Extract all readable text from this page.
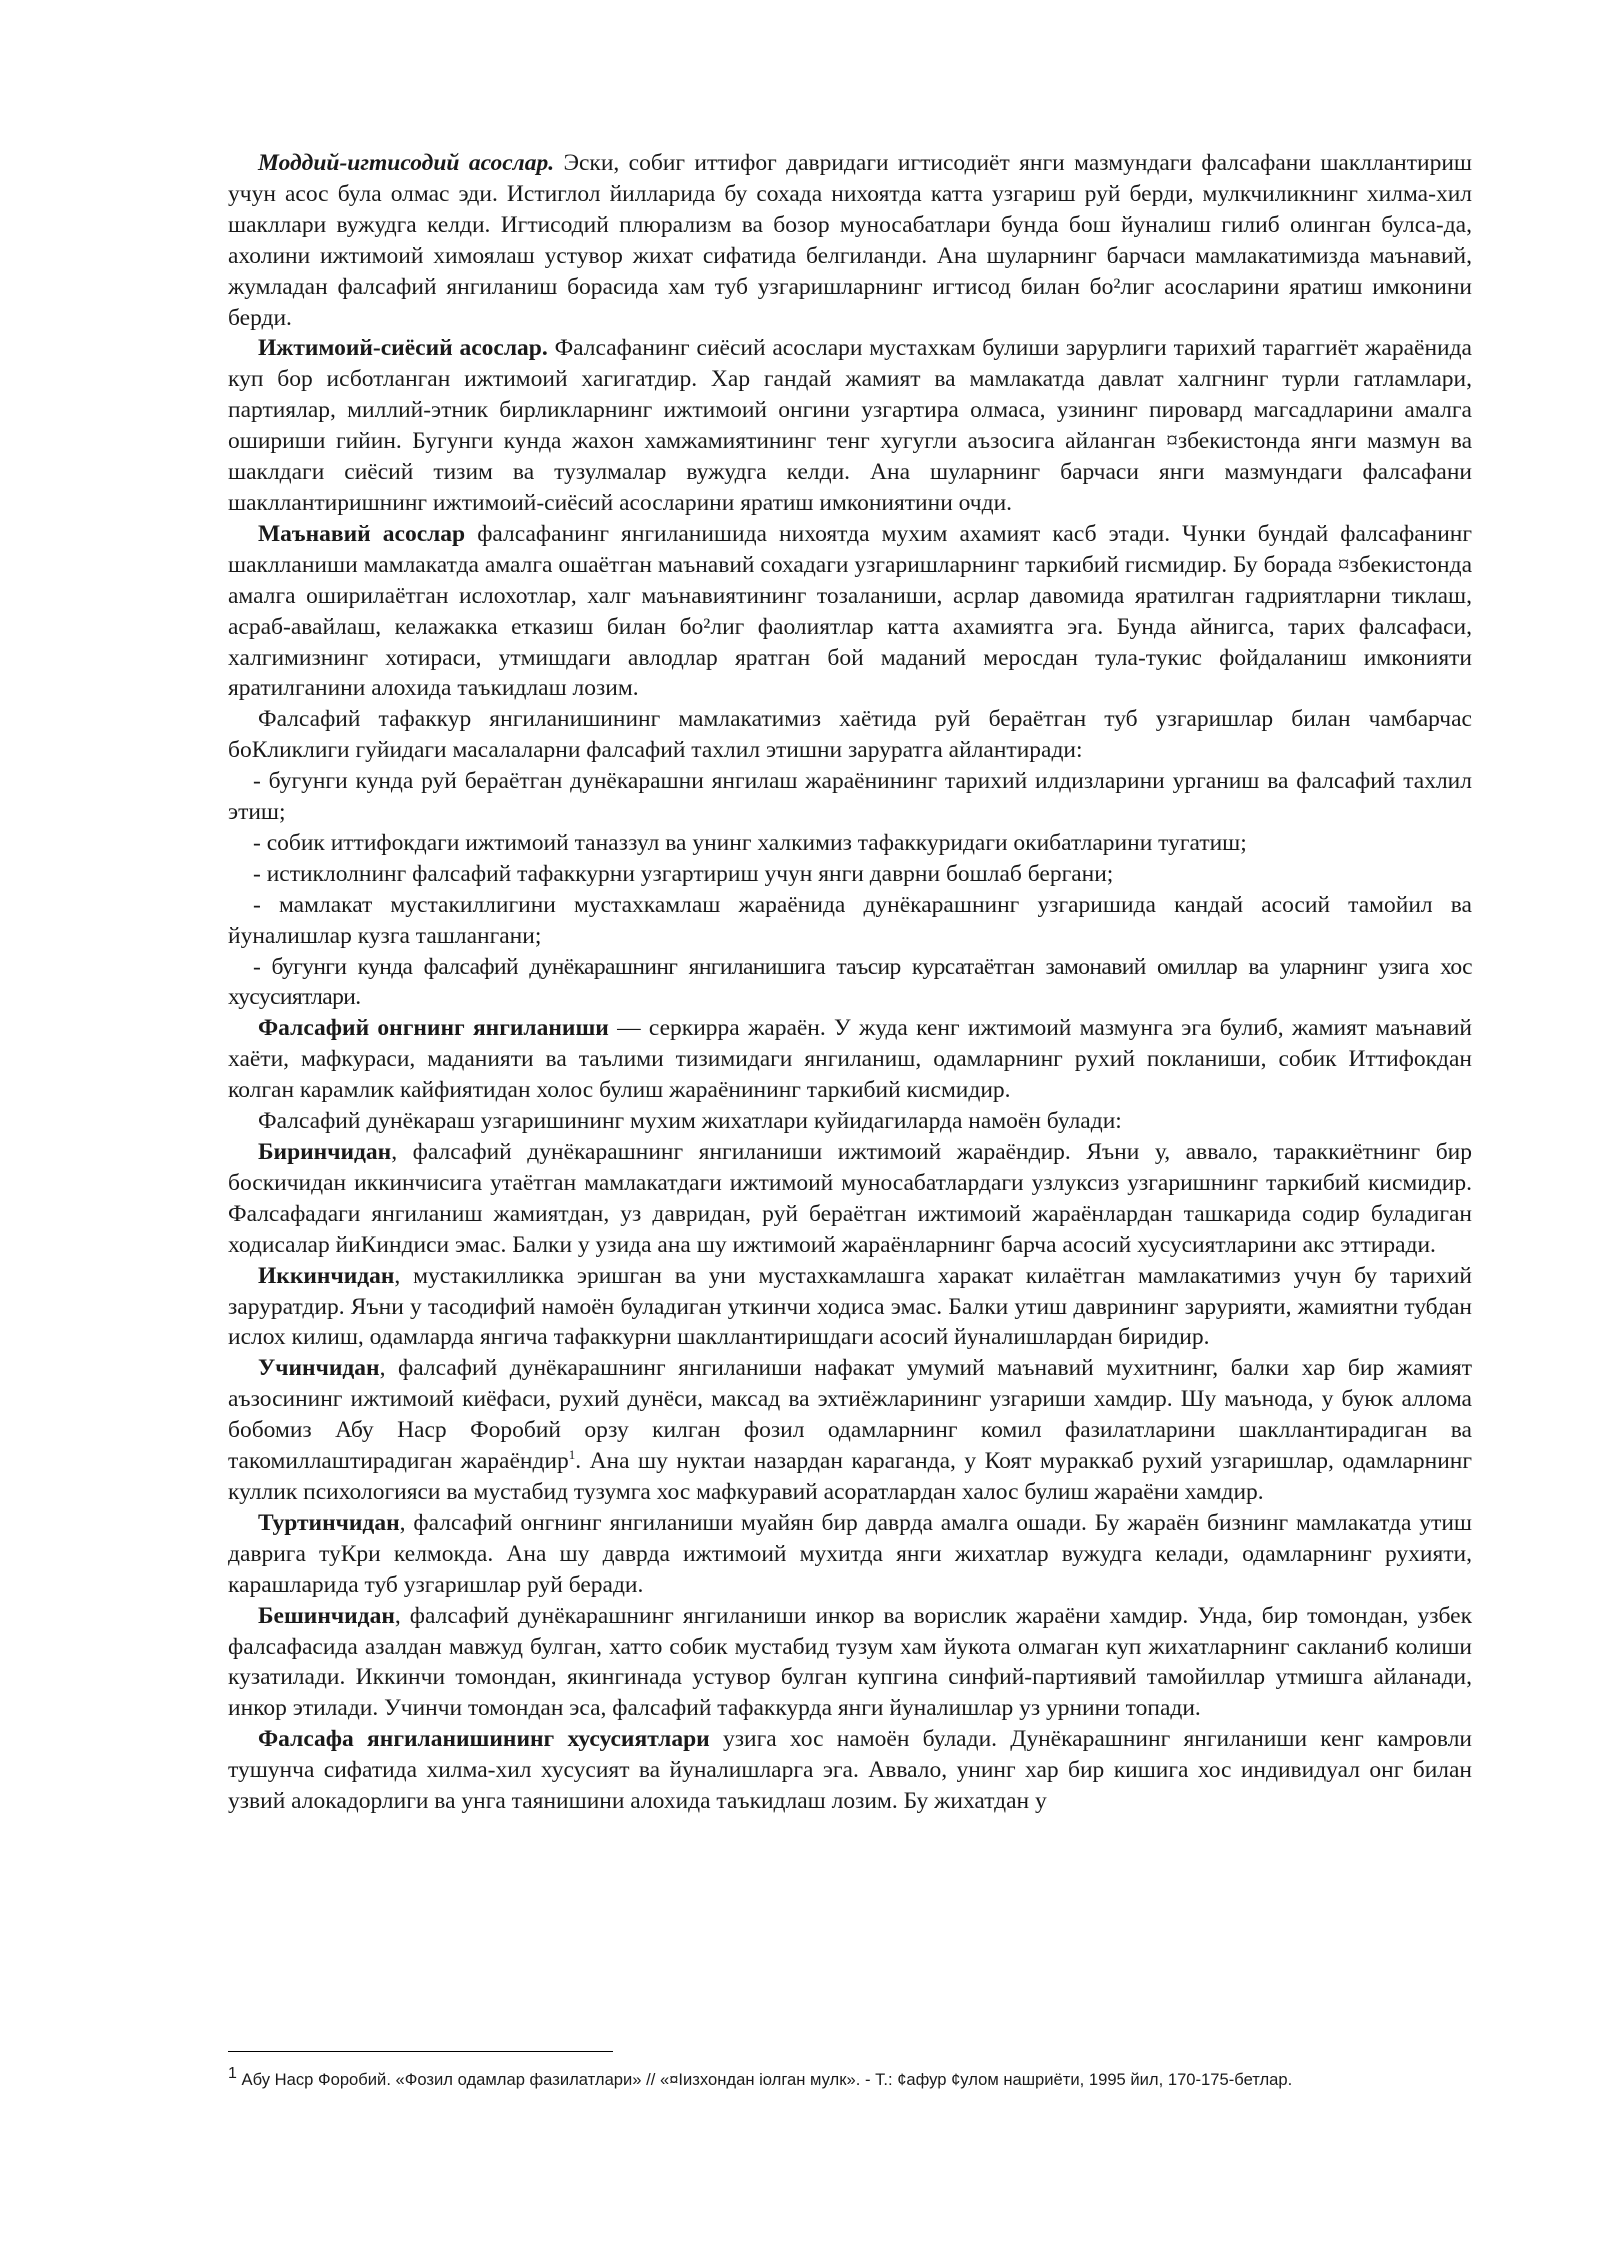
Моддий-игтисодий асослар. Эски, собиг иттифог давридаги игтисодиёт янги мазмундаги фалсафани шакллантириш учун асос була олмас эди. Истиглол йилларида бу сохада нихоятда катта узгариш руй берди, мулкчиликнинг хилма-хил шакллари вужудга келди. Игтисодий плюрализм ва бозор муносабатлари бунда бош йуналиш гилиб олинган булса-да, ахолини ижтимоий химоялаш устувор жихат сифатида белгиланди. Ана шуларнинг барчаси мамлакатимизда маънавий, жумладан фалсафий янгиланиш борасида хам туб узгаришларнинг игтисод билан бо²лиг асосларини яратиш имконини берди.

Ижтимоий-сиёсий асослар. Фалсафанинг сиёсий асослари мустахкам булиши зарурлиги тарихий тараггиёт жараёнида куп бор исботланган ижтимоий хагигатдир. Хар гандай жамият ва мамлакатда давлат халгнинг турли гатламлари, партиялар, миллий-этник бирликларнинг ижтимоий онгини узгартира олмаса, узининг пировард магсадларини амалга ошириши гийин. Бугунги кунда жахон хамжамиятининг тенг хугугли аъзосига айланган ¤збекистонда янги мазмун ва шаклдаги сиёсий тизим ва тузулмалар вужудга келди. Ана шуларнинг барчаси янги мазмундаги фалсафани шакллантиришнинг ижтимоий-сиёсий асосларини яратиш имкониятини очди.

Маънавий асослар фалсафанинг янгиланишида нихоятда мухим ахамият касб этади. Чунки бундай фалсафанинг шаклланиши мамлакатда амалга ошаётган маънавий сохадаги узгаришларнинг таркибий гисмидир. Бу борада ¤збекистонда амалга оширилаётган ислохотлар, халг маънавиятининг тозаланиши, асрлар давомида яратилган гадриятларни тиклаш, асраб-авайлаш, келажакка етказиш билан бо²лиг фаолиятлар катта ахамиятга эга. Бунда айнигса, тарих фалсафаси, халгимизнинг хотираси, утмишдаги авлодлар яратган бой маданий меросдан тула-тукис фойдаланиш имконияти яратилганини алохида таъкидлаш лозим.

Фалсафий тафаккур янгиланишининг мамлакатимиз хаётида руй бераётган туб узгаришлар билан чамбарчас боКликлиги гуйидаги масалаларни фалсафий тахлил этишни заруратга айлантиради:

- бугунги кунда руй бераётган дунёкарашни янгилаш жараёнининг тарихий илдизларини урганиш ва фалсафий тахлил этиш;

- собик иттифокдаги ижтимоий таназзул ва унинг халкимиз тафаккуридаги окибатларини тугатиш;

- истиклолнинг фалсафий тафаккурни узгартириш учун янги даврни бошлаб бергани;

- мамлакат мустакиллигини мустахкамлаш жараёнида дунёкарашнинг узгаришида кандай асосий тамойил ва йуналишлар кузга ташлангани;

- бугунги кунда фалсафий дунёкарашнинг янгиланишига таъсир курсатаётган замонавий омиллар ва уларнинг узига хос хусусиятлари.

Фалсафий онгнинг янгиланиши — серкирра жараён. У жуда кенг ижтимоий мазмунга эга булиб, жамият маънавий хаёти, мафкураси, маданияти ва таълими тизимидаги янгиланиш, одамларнинг рухий покланиши, собик Иттифокдан колган карамлик кайфиятидан холос булиш жараёнининг таркибий кисмидир.

Фалсафий дунёкараш узгаришининг мухим жихатлари куйидагиларда намоён булади:

Биринчидан, фалсафий дунёкарашнинг янгиланиши ижтимоий жараёндир. Яъни у, аввало, тараккиётнинг бир боскичидан иккинчисига утаётган мамлакатдаги ижтимоий муносабатлардаги узлуксиз узгаришнинг таркибий кисмидир. Фалсафадаги янгиланиш жамиятдан, уз давридан, руй бераётган ижтимоий жараёнлардан ташкарида содир буладиган ходисалар йиКиндиси эмас. Балки у узида ана шу ижтимоий жараёнларнинг барча асосий хусусиятларини акс эттиради.

Иккинчидан, мустакилликка эришган ва уни мустахкамлашга харакат килаётган мамлакатимиз учун бу тарихий заруратдир. Яъни у тасодифий намоён буладиган уткинчи ходиса эмас. Балки утиш даврининг зарурияти, жамиятни тубдан ислох килиш, одамларда янгича тафаккурни шакллантиришдаги асосий йуналишлардан биридир.

Учинчидан, фалсафий дунёкарашнинг янгиланиши нафакат умумий маънавий мухитнинг, балки хар бир жамият аъзосининг ижтимоий киёфаси, рухий дунёси, максад ва эхтиёжларининг узгариши хамдир. Шу маънода, у буюк аллома бобомиз Абу Наср Форобий орзу килган фозил одамларнинг комил фазилатларини шакллантирадиган ва такомиллаштирадиган жараёндир$^1$. Ана шу нуктаи назардан караганда, у Коят мураккаб рухий узгаришлар, одамларнинг куллик психологияси ва мустабид тузумга хос мафкуравий асоратлардан халос булиш жараёни хамдир.

Туртинчидан, фалсафий онгнинг янгиланиши муайян бир даврда амалга ошади. Бу жараён бизнинг мамлакатда утиш даврига туКри келмокда. Ана шу даврда ижтимоий мухитда янги жихатлар вужудга келади, одамларнинг рухияти, карашларида туб узгаришлар руй беради.

Бешинчидан, фалсафий дунёкарашнинг янгиланиши инкор ва ворислик жараёни хамдир. Унда, бир томондан, узбек фалсафасида азалдан мавжуд булган, хатто собик мустабид тузум хам йукота олмаган куп жихатларнинг сакланиб колиши кузатилади. Иккинчи томондан, якингинада устувор булган купгина синфий-партиявий тамойиллар утмишга айланади, инкор этилади. Учинчи томондан эса, фалсафий тафаккурда янги йуналишлар уз урнини топади.

Фалсафа янгиланишининг хусусиятлари узига хос намоён булади. Дунёкарашнинг янгиланиши кенг камровли тушунча сифатида хилма-хил хусусият ва йуналишларга эга. Аввало, унинг хар бир кишига хос индивидуал онг билан узвий алокадорлиги ва унга таянишини алохида таъкидлаш лозим. Бу жихатдан у

1 Абу Наср Форобий. «Фозил одамлар фазилатлари» // «¤Іизхондан іолган мулк». - Т.: ¢афур ¢улом нашриёти, 1995 йил, 170-175-бетлар.
